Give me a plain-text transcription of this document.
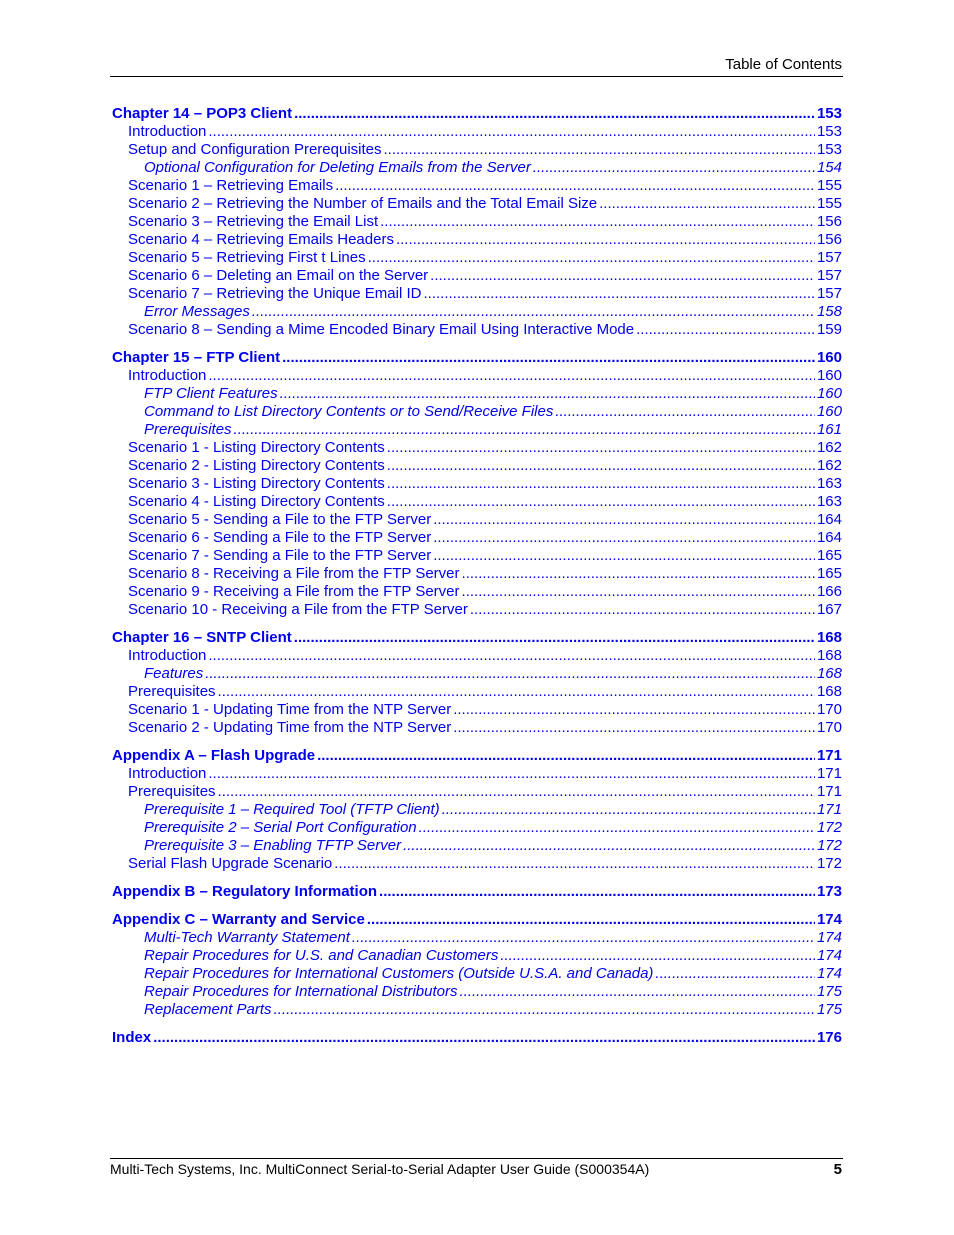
Table of Contents
Chapter 14 – POP3 Client .....	153
Introduction .....	153
Setup and Configuration Prerequisites .....	153
Optional Configuration for Deleting Emails from the Server .....	154
Scenario 1 – Retrieving Emails .....	155
Scenario 2 – Retrieving the Number of Emails and the Total Email Size .....	155
Scenario 3 – Retrieving the Email List .....	156
Scenario 4 – Retrieving Emails Headers .....	156
Scenario 5 – Retrieving First t Lines .....	157
Scenario 6 – Deleting an Email on the Server .....	157
Scenario 7 – Retrieving the Unique Email ID .....	157
Error Messages .....	158
Scenario 8 – Sending a Mime Encoded Binary Email Using Interactive Mode .....	159
Chapter 15 – FTP Client .....	160
Introduction .....	160
FTP Client Features .....	160
Command to List Directory Contents or to Send/Receive Files .....	160
Prerequisites .....	161
Scenario 1 - Listing Directory Contents .....	162
Scenario 2 - Listing Directory Contents .....	162
Scenario 3 - Listing Directory Contents .....	163
Scenario 4 - Listing Directory Contents .....	163
Scenario 5 - Sending a File to the FTP Server .....	164
Scenario 6 - Sending a File to the FTP Server .....	164
Scenario 7 - Sending a File to the FTP Server .....	165
Scenario 8 - Receiving a File from the FTP Server .....	165
Scenario 9 - Receiving a File from the FTP Server .....	166
Scenario 10 - Receiving a File from the FTP Server .....	167
Chapter 16 – SNTP Client .....	168
Introduction .....	168
Features .....	168
Prerequisites .....	168
Scenario 1 - Updating Time from the NTP Server .....	170
Scenario 2 - Updating Time from the NTP Server .....	170
Appendix A – Flash Upgrade .....	171
Introduction .....	171
Prerequisites .....	171
Prerequisite 1 – Required Tool (TFTP Client) .....	171
Prerequisite 2 – Serial Port Configuration .....	172
Prerequisite 3 – Enabling TFTP Server .....	172
Serial Flash Upgrade Scenario .....	172
Appendix B – Regulatory Information .....	173
Appendix C – Warranty and Service .....	174
Multi-Tech Warranty Statement .....	174
Repair Procedures for U.S. and Canadian Customers .....	174
Repair Procedures for International Customers (Outside U.S.A. and Canada) .....	174
Repair Procedures for International Distributors .....	175
Replacement Parts .....	175
Index .....	176
Multi-Tech Systems, Inc. MultiConnect Serial-to-Serial Adapter User Guide (S000354A)	5
